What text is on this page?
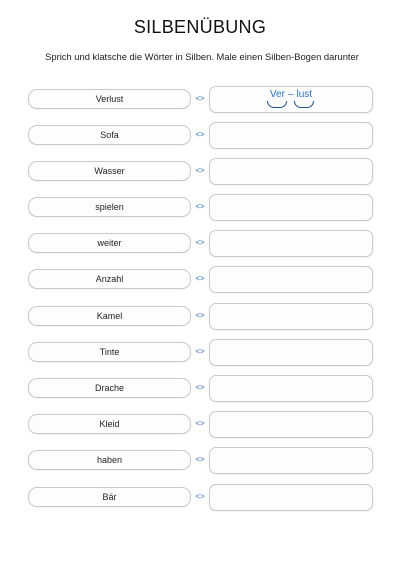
SILBENÜBUNG
Sprich und klatsche die Wörter in Silben. Male einen Silben-Bogen darunter
Verlust	<>	Ver – lust
Sofa	<>
Wasser	<>
spielen	<>
weiter	<>
Anzahl	<>
Kamel	<>
Tinte	<>
Drache	<>
Kleid	<>
haben	<>
Bär	<>
